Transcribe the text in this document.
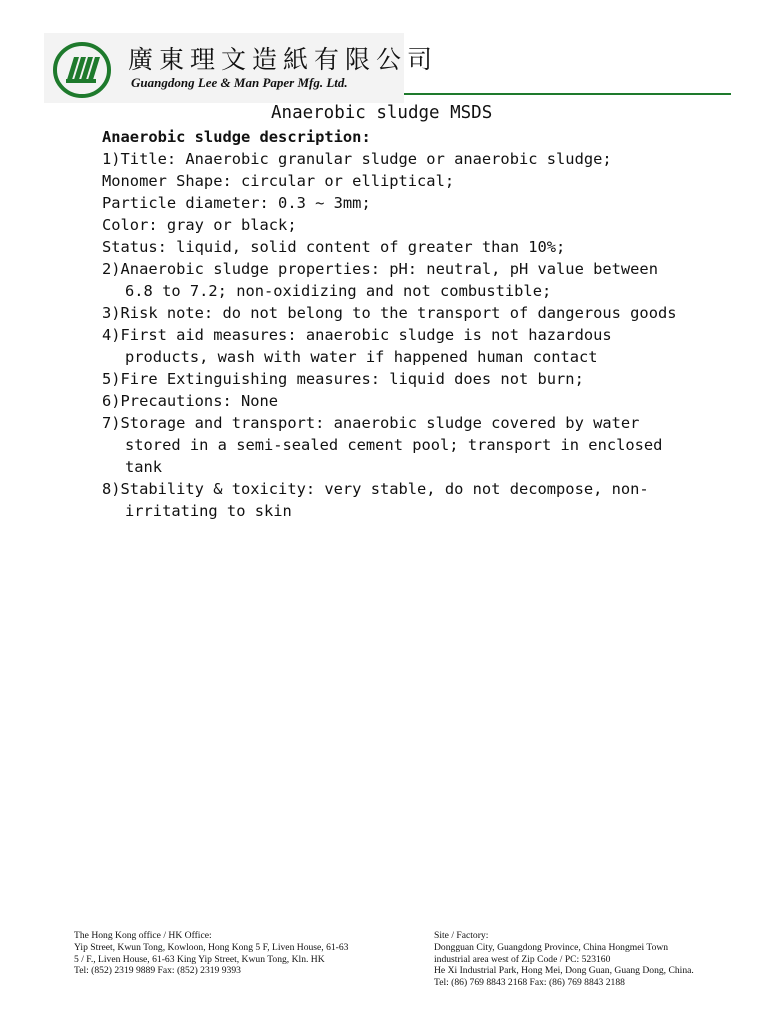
廣東理文造紙有限公司
Guangdong Lee & Man Paper Mfg. Ltd.
Anaerobic sludge MSDS
Anaerobic sludge description:
1)Title: Anaerobic granular sludge or anaerobic sludge;
Monomer Shape: circular or elliptical;
Particle diameter: 0.3 ~ 3mm;
Color: gray or black;
Status: liquid, solid content of greater than 10%;
2)Anaerobic sludge properties: pH: neutral, pH value between
6.8 to 7.2; non-oxidizing and not combustible;
3)Risk note: do not belong to the transport of dangerous goods
4)First aid measures: anaerobic sludge is not hazardous
products, wash with water if happened human contact
5)Fire Extinguishing measures: liquid does not burn;
6)Precautions: None
7)Storage and transport: anaerobic sludge covered by water
stored in a semi-sealed cement pool; transport in enclosed
tank
8)Stability & toxicity: very stable, do not decompose, non-
irritating to skin
The Hong Kong office / HK Office:
Yip Street, Kwun Tong, Kowloon, Hong Kong 5 F, Liven House, 61-63
5 / F., Liven House, 61-63 King Yip Street, Kwun Tong, Kln. HK
Tel: (852) 2319 9889 Fax: (852) 2319 9393
Site / Factory:
Dongguan City, Guangdong Province, China Hongmei Town
industrial area west of Zip Code / PC: 523160
He Xi Industrial Park, Hong Mei, Dong Guan, Guang Dong, China.
Tel: (86) 769 8843 2168 Fax: (86) 769 8843 2188
